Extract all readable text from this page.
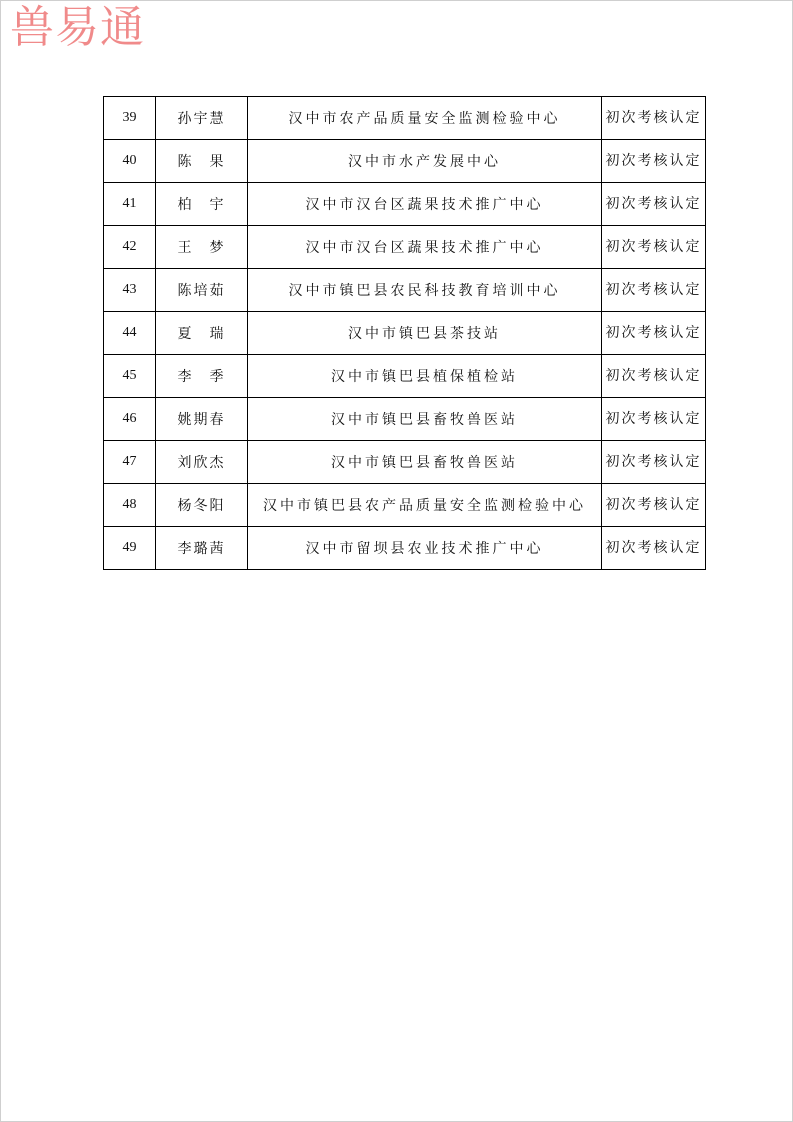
兽易通
39	孙宇慧	汉中市农产品质量安全监测检验中心	初次考核认定
40	陈　果	汉中市水产发展中心	初次考核认定
41	柏　宇	汉中市汉台区蔬果技术推广中心	初次考核认定
42	王　梦	汉中市汉台区蔬果技术推广中心	初次考核认定
43	陈培茹	汉中市镇巴县农民科技教育培训中心	初次考核认定
44	夏　瑞	汉中市镇巴县茶技站	初次考核认定
45	李　季	汉中市镇巴县植保植检站	初次考核认定
46	姚期春	汉中市镇巴县畜牧兽医站	初次考核认定
47	刘欣杰	汉中市镇巴县畜牧兽医站	初次考核认定
48	杨冬阳	汉中市镇巴县农产品质量安全监测检验中心	初次考核认定
49	李璐茜	汉中市留坝县农业技术推广中心	初次考核认定
